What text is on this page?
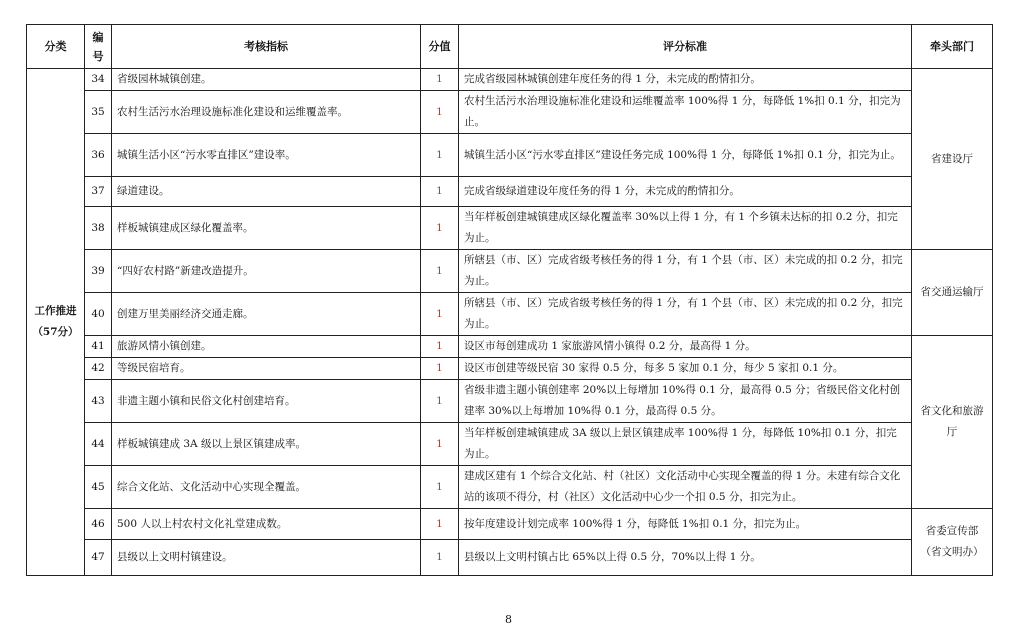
分类	编号	考核指标	分值	评分标准	牵头部门
工作推进（57分）	34	省级园林城镇创建。	1	完成省级园林城镇创建年度任务的得 1 分，未完成的酌情扣分。	省建设厅
	35	农村生活污水治理设施标准化建设和运维覆盖率。	1	农村生活污水治理设施标准化建设和运维覆盖率 100%得 1 分，每降低 1%扣 0.1 分，扣完为止。	
	36	城镇生活小区“污水零直排区”建设率。	1	城镇生活小区“污水零直排区”建设任务完成 100%得 1 分，每降低 1%扣 0.1 分，扣完为止。	
	37	绿道建设。	1	完成省级绿道建设年度任务的得 1 分，未完成的酌情扣分。	
	38	样板城镇建成区绿化覆盖率。	1	当年样板创建城镇建成区绿化覆盖率 30%以上得 1 分，有 1 个乡镇未达标的扣 0.2 分，扣完为止。	
	39	“四好农村路”新建改造提升。	1	所辖县（市、区）完成省级考核任务的得 1 分，有 1 个县（市、区）未完成的扣 0.2 分，扣完为止。	省交通运输厅
	40	创建万里美丽经济交通走廊。	1	所辖县（市、区）完成省级考核任务的得 1 分，有 1 个县（市、区）未完成的扣 0.2 分，扣完为止。	
	41	旅游风情小镇创建。	1	设区市每创建成功 1 家旅游风情小镇得 0.2 分，最高得 1 分。	省文化和旅游厅
	42	等级民宿培育。	1	设区市创建等级民宿 30 家得 0.5 分，每多 5 家加 0.1 分，每少 5 家扣 0.1 分。	
	43	非遗主题小镇和民俗文化村创建培育。	1	省级非遗主题小镇创建率 20%以上每增加 10%得 0.1 分，最高得 0.5 分；省级民俗文化村创建率 30%以上每增加 10%得 0.1 分，最高得 0.5 分。	
	44	样板城镇建成 3A 级以上景区镇建成率。	1	当年样板创建城镇建成 3A 级以上景区镇建成率 100%得 1 分，每降低 10%扣 0.1 分，扣完为止。	
	45	综合文化站、文化活动中心实现全覆盖。	1	建成区建有 1 个综合文化站、村（社区）文化活动中心实现全覆盖的得 1 分。未建有综合文化站的该项不得分，村（社区）文化活动中心少一个扣 0.5 分，扣完为止。	
	46	500 人以上村农村文化礼堂建成数。	1	按年度建设计划完成率 100%得 1 分，每降低 1%扣 0.1 分，扣完为止。	省委宣传部（省文明办）
	47	县级以上文明村镇建设。	1	县级以上文明村镇占比 65%以上得 0.5 分，70%以上得 1 分。	
8
